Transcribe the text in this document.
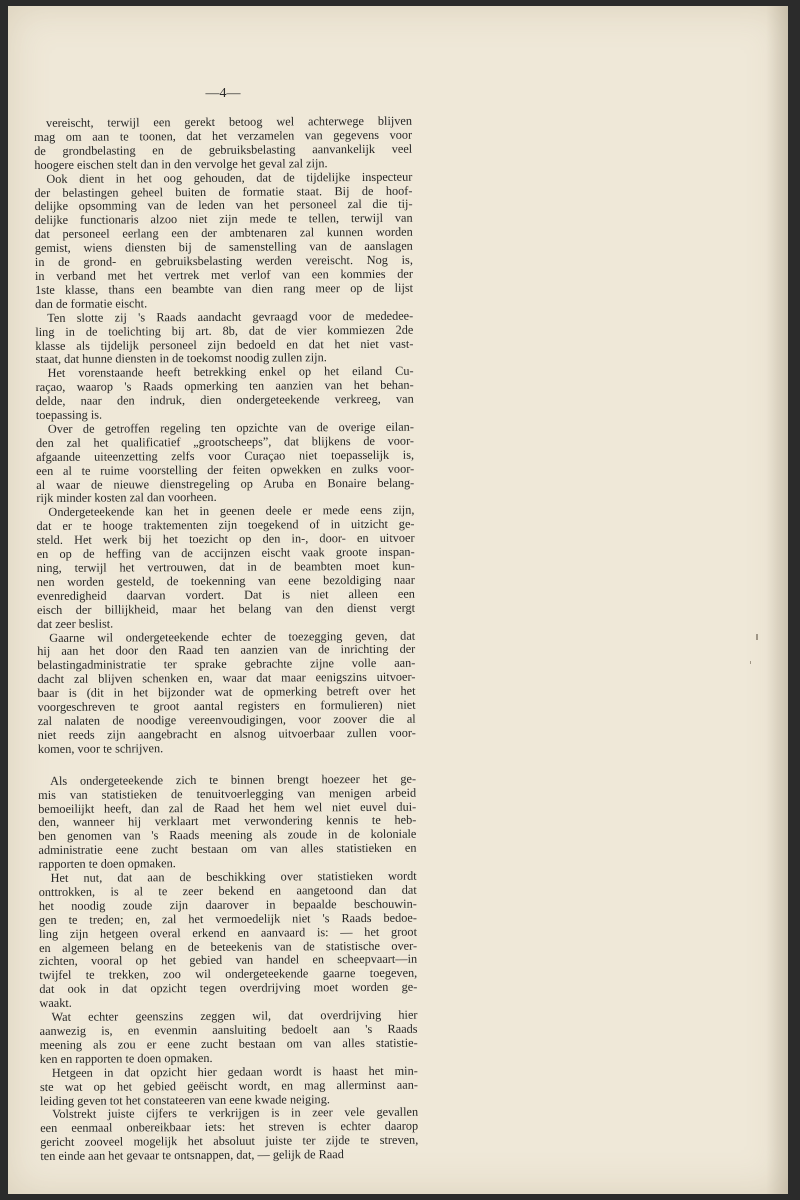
—4—
vereischt, terwijl een gerekt betoog wel achterwege blijven
mag om aan te toonen, dat het verzamelen van gegevens voor
de grondbelasting en de gebruiksbelasting aanvankelijk veel
hoogere eischen stelt dan in den vervolge het geval zal zijn.
Ook dient in het oog gehouden, dat de tijdelijke inspecteur
der belastingen geheel buiten de formatie staat. Bij de hoof-
delijke opsomming van de leden van het personeel zal die tij-
delijke functionaris alzoo niet zijn mede te tellen, terwijl van
dat personeel eerlang een der ambtenaren zal kunnen worden
gemist, wiens diensten bij de samenstelling van de aanslagen
in de grond- en gebruiksbelasting werden vereischt. Nog is,
in verband met het vertrek met verlof van een kommies der
1ste klasse, thans een beambte van dien rang meer op de lijst
dan de formatie eischt.
Ten slotte zij 's Raads aandacht gevraagd voor de mededee-
ling in de toelichting bij art. 8b, dat de vier kommiezen 2de
klasse als tijdelijk personeel zijn bedoeld en dat het niet vast-
staat, dat hunne diensten in de toekomst noodig zullen zijn.
Het vorenstaande heeft betrekking enkel op het eiland Cu-
raçao, waarop 's Raads opmerking ten aanzien van het behan-
delde, naar den indruk, dien ondergeteekende verkreeg, van
toepassing is.
Over de getroffen regeling ten opzichte van de overige eilan-
den zal het qualificatief „grootscheeps”, dat blijkens de voor-
afgaande uiteenzetting zelfs voor Curaçao niet toepasselijk is,
een al te ruime voorstelling der feiten opwekken en zulks voor-
al waar de nieuwe dienstregeling op Aruba en Bonaire belang-
rijk minder kosten zal dan voorheen.
Ondergeteekende kan het in geenen deele er mede eens zijn,
dat er te hooge traktementen zijn toegekend of in uitzicht ge-
steld. Het werk bij het toezicht op den in-, door- en uitvoer
en op de heffing van de accijnzen eischt vaak groote inspan-
ning, terwijl het vertrouwen, dat in de beambten moet kun-
nen worden gesteld, de toekenning van eene bezoldiging naar
evenredigheid daarvan vordert. Dat is niet alleen een
eisch der billijkheid, maar het belang van den dienst vergt
dat zeer beslist.
Gaarne wil ondergeteekende echter de toezegging geven, dat
hij aan het door den Raad ten aanzien van de inrichting der
belastingadministratie ter sprake gebrachte zijne volle aan-
dacht zal blijven schenken en, waar dat maar eenigszins uitvoer-
baar is (dit in het bijzonder wat de opmerking betreft over het
voorgeschreven te groot aantal registers en formulieren) niet
zal nalaten de noodige vereenvoudigingen, voor zoover die al
niet reeds zijn aangebracht en alsnog uitvoerbaar zullen voor-
komen, voor te schrijven.
Als ondergeteekende zich te binnen brengt hoezeer het ge-
mis van statistieken de tenuitvoerlegging van menigen arbeid
bemoeilijkt heeft, dan zal de Raad het hem wel niet euvel dui-
den, wanneer hij verklaart met verwondering kennis te heb-
ben genomen van 's Raads meening als zoude in de koloniale
administratie eene zucht bestaan om van alles statistieken en
rapporten te doen opmaken.
Het nut, dat aan de beschikking over statistieken wordt
onttrokken, is al te zeer bekend en aangetoond dan dat
het noodig zoude zijn daarover in bepaalde beschouwin-
gen te treden; en, zal het vermoedelijk niet 's Raads bedoe-
ling zijn hetgeen overal erkend en aanvaard is: — het groot
en algemeen belang en de beteekenis van de statistische over-
zichten, vooral op het gebied van handel en scheepvaart—in
twijfel te trekken, zoo wil ondergeteekende gaarne toegeven,
dat ook in dat opzicht tegen overdrijving moet worden ge-
waakt.
Wat echter geenszins zeggen wil, dat overdrijving hier
aanwezig is, en evenmin aansluiting bedoelt aan 's Raads
meening als zou er eene zucht bestaan om van alles statistie-
ken en rapporten te doen opmaken.
Hetgeen in dat opzicht hier gedaan wordt is haast het min-
ste wat op het gebied geëischt wordt, en mag allerminst aan-
leiding geven tot het constateeren van eene kwade neiging.
Volstrekt juiste cijfers te verkrijgen is in zeer vele gevallen
een eenmaal onbereikbaar iets: het streven is echter daarop
gericht zooveel mogelijk het absoluut juiste ter zijde te streven,
ten einde aan het gevaar te ontsnappen, dat, — gelijk de Raad
